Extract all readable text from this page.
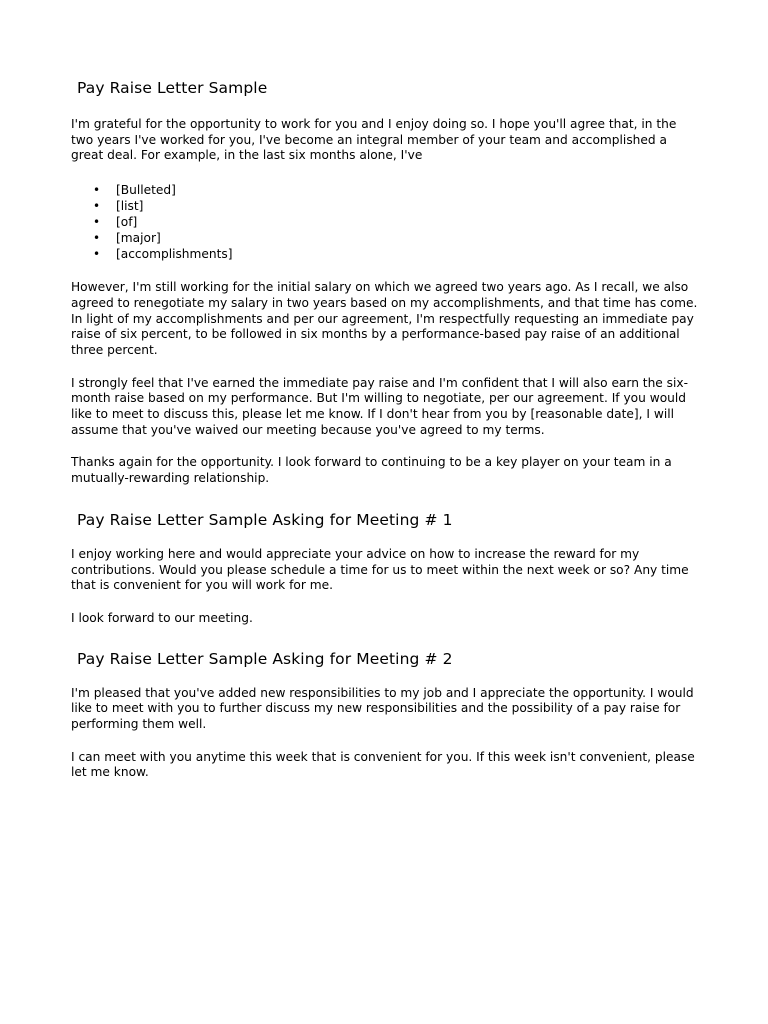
Pay Raise Letter Sample

I'm grateful for the opportunity to work for you and I enjoy doing so. I hope you'll agree that, in the two years I've worked for you, I've become an integral member of your team and accomplished a great deal. For example, in the last six months alone, I've

• [Bulleted]
• [list]
• [of]
• [major]
• [accomplishments]

However, I'm still working for the initial salary on which we agreed two years ago. As I recall, we also agreed to renegotiate my salary in two years based on my accomplishments, and that time has come. In light of my accomplishments and per our agreement, I'm respectfully requesting an immediate pay raise of six percent, to be followed in six months by a performance-based pay raise of an additional three percent.

I strongly feel that I've earned the immediate pay raise and I'm confident that I will also earn the six-month raise based on my performance. But I'm willing to negotiate, per our agreement. If you would like to meet to discuss this, please let me know. If I don't hear from you by [reasonable date], I will assume that you've waived our meeting because you've agreed to my terms.

Thanks again for the opportunity. I look forward to continuing to be a key player on your team in a mutually-rewarding relationship.

Pay Raise Letter Sample Asking for Meeting # 1

I enjoy working here and would appreciate your advice on how to increase the reward for my contributions. Would you please schedule a time for us to meet within the next week or so? Any time that is convenient for you will work for me.

I look forward to our meeting.

Pay Raise Letter Sample Asking for Meeting # 2

I'm pleased that you've added new responsibilities to my job and I appreciate the opportunity. I would like to meet with you to further discuss my new responsibilities and the possibility of a pay raise for performing them well.

I can meet with you anytime this week that is convenient for you. If this week isn't convenient, please let me know.
